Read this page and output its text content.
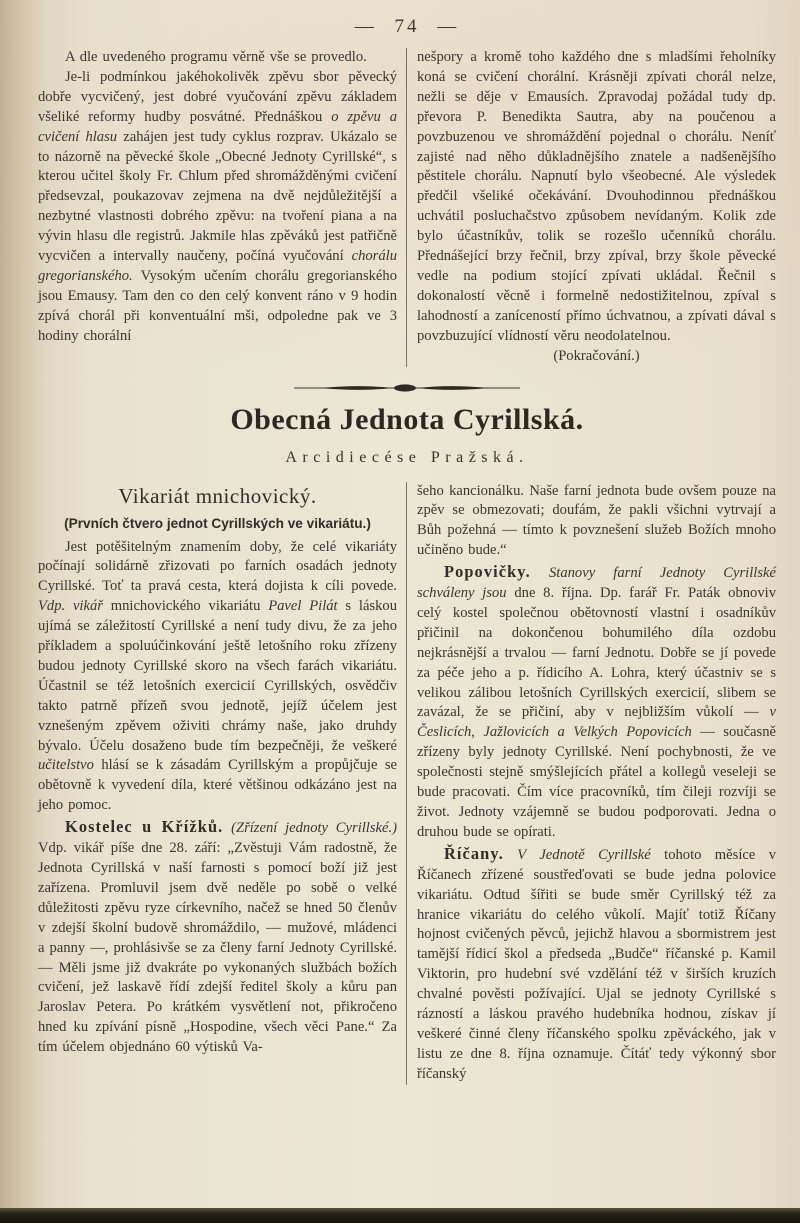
— 74 —

A dle uvedeného programu věrně vše se provedlo.

Je-li podmínkou jakéhokolivěk zpěvu sbor pěvecký dobře vycvičený, jest dobré vyučování zpěvu základem všeliké reformy hudby posvátné. Přednáškou o zpěvu a cvičení hlasu zahájen jest tudy cyklus rozprav. Ukázalo se to názorně na pěvecké škole „Obecné Jednoty Cyrillské“, s kterou učitel školy Fr. Chlum před shromážděnými cvičení předsevzal, poukazovav zejmena na dvě nejdůležitější a nezbytné vlastnosti dobrého zpěvu: na tvoření piana a na vývin hlasu dle registrů. Jakmile hlas zpěváků jest patřičně vycvičen a intervally naučeny, počíná vyučování chorálu gregorianského. Vysokým učením chorálu gregorianského jsou Emausy. Tam den co den celý konvent ráno v 9 hodin zpívá chorál při konventuální mši, odpoledne pak ve 3 hodiny chorální

nešpory a kromě toho každého dne s mladšími řeholníky koná se cvičení chorální. Krásněji zpívati chorál nelze, nežli se děje v Emausích. Zpravodaj požádal tudy dp. převora P. Benedikta Sautra, aby na poučenou a povzbuzenou ve shromáždění pojednal o chorálu. Neníť zajisté nad něho důkladnějšího znatele a nadšenějšího pěstitele chorálu. Napnutí bylo všeobecné. Ale výsledek předčil všeliké očekávání. Dvouhodinnou přednáškou uchvátil posluchačstvo způsobem nevídaným. Kolik zde bylo účastníkův, tolik se rozešlo učenníků chorálu. Přednášející brzy řečnil, brzy zpíval, brzy škole pěvecké vedle na podium stojící zpívati ukládal. Řečnil s dokonalostí věcně i formelně nedostižitelnou, zpíval s lahodností a zaníceností přímo úchvatnou, a zpívati dával s povzbuzující vlídností věru neodolatelnou.

(Pokračování.)

Obecná Jednota Cyrillská.
Arcidiecése Pražská.
Vikariát mnichovický.
(Prvních čtvero jednot Cyrillských ve vikariátu.)

Jest potěšitelným znamením doby, že celé vikariáty počínají solidárně zřizovati po farních osadách jednoty Cyrillské. Toť ta pravá cesta, která dojista k cíli povede. Vdp. vikář mnichovického vikariátu Pavel Pilát s láskou ujímá se záležitostí Cyrillské a není tudy divu, že za jeho příkladem a spoluúčinkování ještě letošního roku zřízeny budou jednoty Cyrillské skoro na všech farách vikariátu. Účastnil se též letošních exercicií Cyrillských, osvědčiv takto patrně přízeň svou jednotě, jejíž účelem jest vznešeným zpěvem oživiti chrámy naše, jako druhdy bývalo. Účelu dosaženo bude tím bezpečněji, že veškeré učitelstvo hlásí se k zásadám Cyrillským a propůjčuje se obětovně k vyvedení díla, které většinou odkázáno jest na jeho pomoc.

Kostelec u Křížků. (Zřízení jednoty Cyrillské.) Vdp. vikář píše dne 28. září: „Zvěstuji Vám radostně, že Jednota Cyrillská v naší farnosti s pomocí boží již jest zařízena. Promluvil jsem dvě neděle po sobě o velké důležitosti zpěvu ryze církevního, načež se hned 50 členův v zdejší školní budově shromáždilo, — mužové, mládenci a panny —, prohlásivše se za členy farní Jednoty Cyrillské. — Měli jsme již dvakráte po vykonaných službách božích cvičení, jež laskavě řídí zdejší ředitel školy a kůru pan Jaroslav Petera. Po krátkém vysvětlení not, přikročeno hned ku zpívání písně „Hospodine, všech věci Pane.“ Za tím účelem objednáno 60 výtisků Va-

šeho kancionálku. Naše farní jednota bude ovšem pouze na zpěv se obmezovati; doufám, že pakli všichni vytrvají a Bůh požehná — tímto k povznešení služeb Božích mnoho učiněno bude.“

Popovičky. Stanovy farní Jednoty Cyrillské schváleny jsou dne 8. října. Dp. farář Fr. Paták obnoviv celý kostel společnou obětovností vlastní i osadníkův přičinil na dokončenou bohumilého díla ozdobu nejkrásnější a trvalou — farní Jednotu. Dobře se jí povede za péče jeho a p. řídicího A. Lohra, který účastniv se s velikou zálibou letošních Cyrillských exercicií, slibem se zavázal, že se přičiní, aby v nejbližším vůkolí — v Česlicích, Jažlovicích a Velkých Popovicích — současně zřízeny byly jednoty Cyrillské. Není pochybnosti, že ve společnosti stejně smýšlejících přátel a kollegů veseleji se bude pracovati. Čím více pracovníků, tím čileji rozvíji se život. Jednoty vzájemně se budou podporovati. Jedna o druhou bude se opírati.

Říčany. V Jednotě Cyrillské tohoto měsíce v Říčanech zřízené soustřeďovati se bude jedna polovice vikariátu. Odtud šířiti se bude směr Cyrillský též za hranice vikariátu do celého vůkolí. Majíť totiž Říčany hojnost cvičených pěvců, jejichž hlavou a sbormistrem jest tamější řídicí škol a předseda „Budče“ říčanské p. Kamil Viktorin, pro hudební své vzdělání též v širších kruzích chvalné pověsti požívající. Ujal se jednoty Cyrillské s rázností a láskou pravého hudebníka hodnou, získav jí veškeré činné členy říčanského spolku zpěváckého, jak v listu ze dne 8. října oznamuje. Čítáť tedy výkonný sbor říčanský
